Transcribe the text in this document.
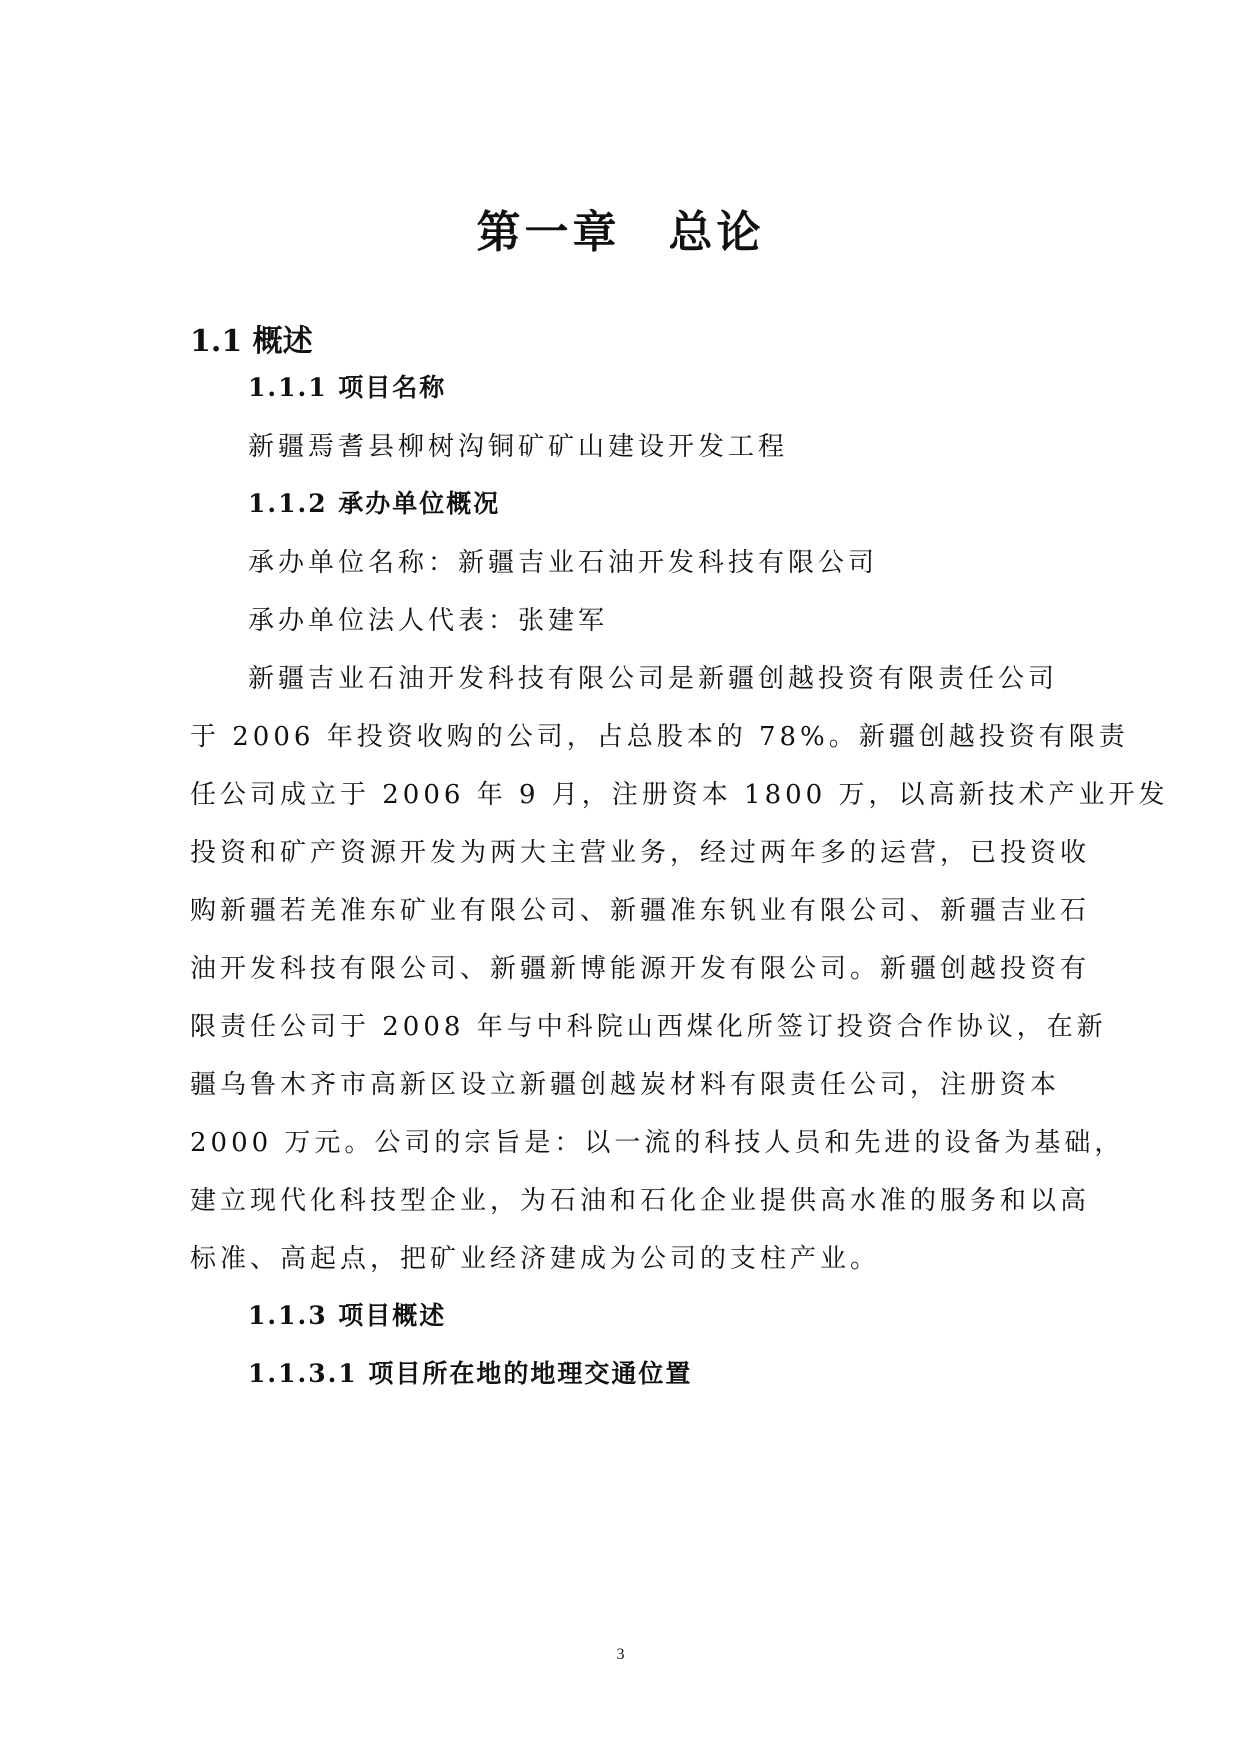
第一章　总论
1.1 概述
1.1.1 项目名称

新疆焉耆县柳树沟铜矿矿山建设开发工程

1.1.2 承办单位概况

承办单位名称：新疆吉业石油开发科技有限公司

承办单位法人代表：张建军

新疆吉业石油开发科技有限公司是新疆创越投资有限责任公司

于 2006 年投资收购的公司，占总股本的 78%。新疆创越投资有限责

任公司成立于 2006 年 9 月，注册资本 1800 万，以高新技术产业开发

投资和矿产资源开发为两大主营业务，经过两年多的运营，已投资收

购新疆若羌准东矿业有限公司、新疆准东钒业有限公司、新疆吉业石

油开发科技有限公司、新疆新博能源开发有限公司。新疆创越投资有

限责任公司于 2008 年与中科院山西煤化所签订投资合作协议，在新

疆乌鲁木齐市高新区设立新疆创越炭材料有限责任公司，注册资本

2000 万元。公司的宗旨是：以一流的科技人员和先进的设备为基础，

建立现代化科技型企业，为石油和石化企业提供高水准的服务和以高

标准、高起点，把矿业经济建成为公司的支柱产业。

1.1.3 项目概述
1.1.3.1 项目所在地的地理交通位置

3
